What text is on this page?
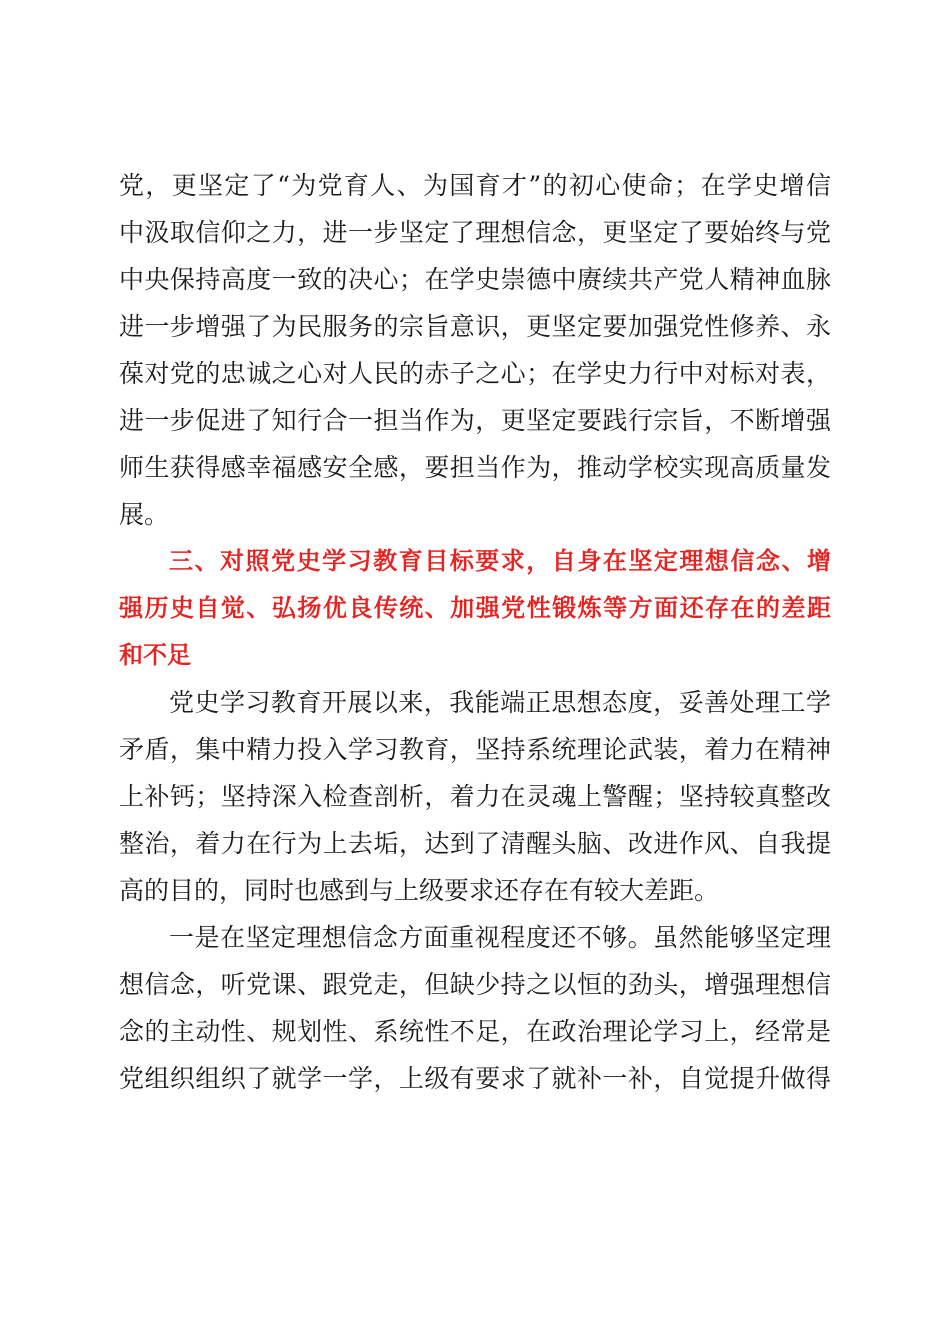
党，更坚定了“为党育人、为国育才”的初心使命；在学史增信
中汲取信仰之力，进一步坚定了理想信念，更坚定了要始终与党
中央保持高度一致的决心；在学史崇德中赓续共产党人精神血脉
进一步增强了为民服务的宗旨意识，更坚定要加强党性修养、永
葆对党的忠诚之心对人民的赤子之心；在学史力行中对标对表，
进一步促进了知行合一担当作为，更坚定要践行宗旨，不断增强
师生获得感幸福感安全感，要担当作为，推动学校实现高质量发
展。
三、对照党史学习教育目标要求，自身在坚定理想信念、增
强历史自觉、弘扬优良传统、加强党性锻炼等方面还存在的差距
和不足
党史学习教育开展以来，我能端正思想态度，妥善处理工学
矛盾，集中精力投入学习教育，坚持系统理论武装，着力在精神
上补钙；坚持深入检查剖析，着力在灵魂上警醒；坚持较真整改
整治，着力在行为上去垢，达到了清醒头脑、改进作风、自我提
高的目的，同时也感到与上级要求还存在有较大差距。
一是在坚定理想信念方面重视程度还不够。虽然能够坚定理
想信念，听党课、跟党走，但缺少持之以恒的劲头，增强理想信
念的主动性、规划性、系统性不足，在政治理论学习上，经常是
党组织组织了就学一学，上级有要求了就补一补，自觉提升做得
